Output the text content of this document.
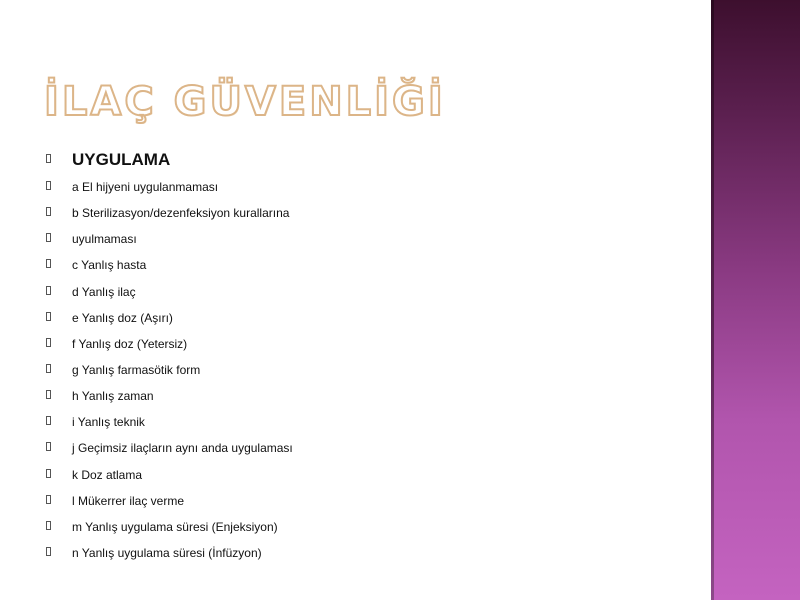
İLAÇ GÜVENLİĞİ
UYGULAMA
a El hijyeni uygulanmaması
b Sterilizasyon/dezenfeksiyon kurallarına
uyulmaması
c Yanlış hasta
d Yanlış ilaç
e Yanlış doz (Aşırı)
f Yanlış doz (Yetersiz)
g Yanlış farmasötik form
h Yanlış zaman
i Yanlış teknik
j Geçimsiz ilaçların aynı anda uygulaması
k Doz atlama
l Mükerrer ilaç verme
m Yanlış uygulama süresi (Enjeksiyon)
n Yanlış uygulama süresi (İnfüzyon)
